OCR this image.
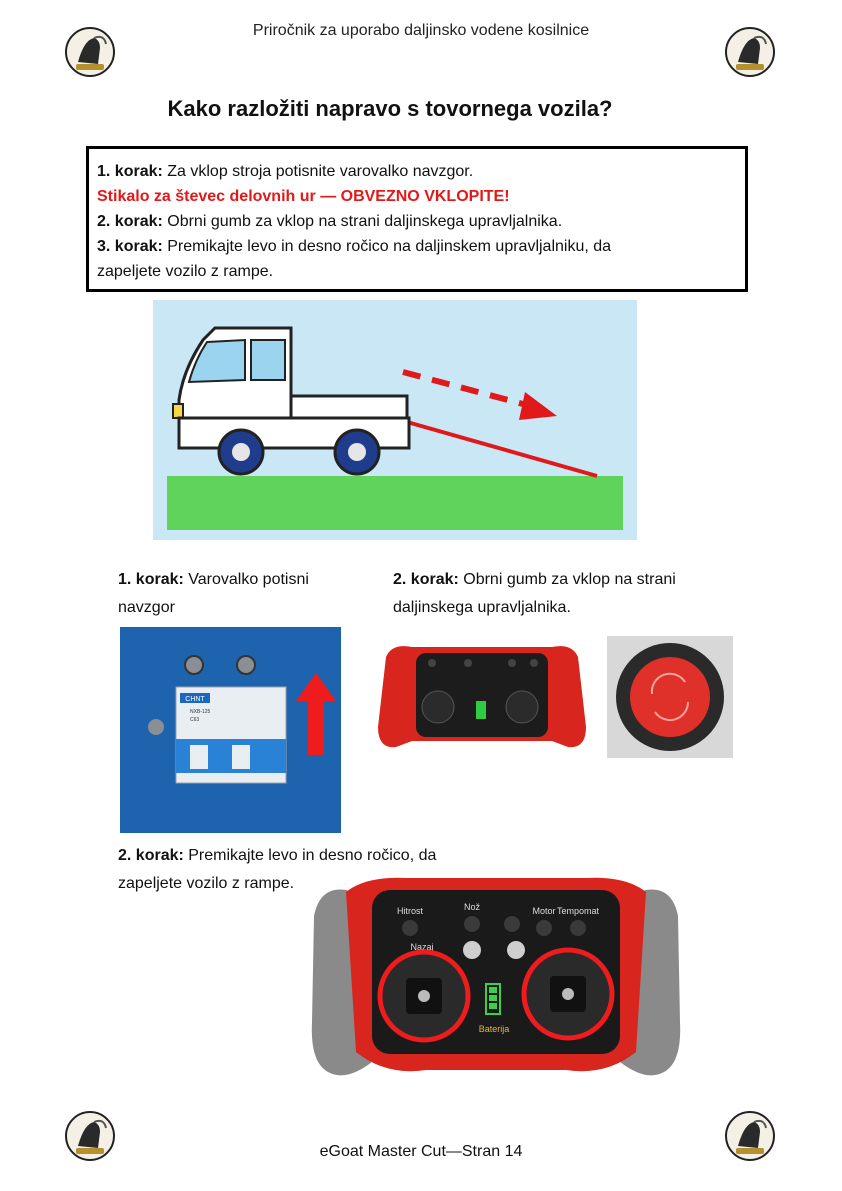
Priročnik za uporabo daljinsko vodene kosilnice
Kako razložiti napravo s tovornega vozila?
1. korak: Za vklop stroja potisnite varovalko navzgor.
Stikalo za števec delovnih ur — OBVEZNO VKLOPITE!
2. korak: Obrni gumb za vklop na strani daljinskega upravljalnika.
3. korak: Premikajte levo in desno ročico na daljinskem upravljalniku, da
zapeljete vozilo z rampe.
1. korak: Varovalko potisni
navzgor
2. korak: Obrni gumb za vklop na strani
daljinskega upravljalnika.
CHNT
NXB-125
C63
2. korak: Premikajte levo in desno ročico, da
zapeljete vozilo z rampe.
Hitrost	Nož	Motor Tempomat
Nazaj
Baterija
eGoat Master Cut—Stran 14
